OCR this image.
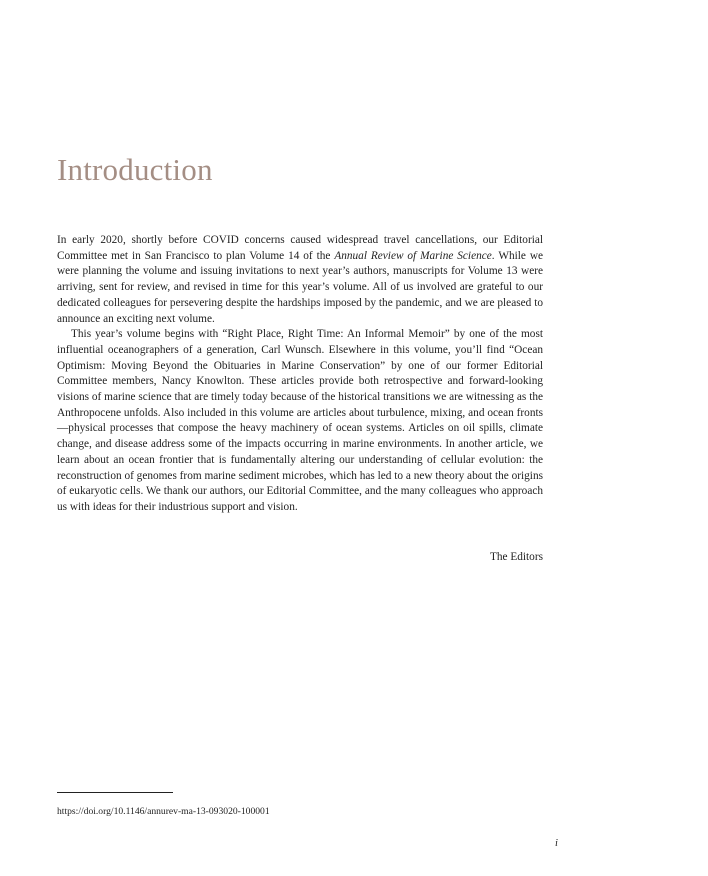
Introduction

In early 2020, shortly before COVID concerns caused widespread travel cancellations, our Editorial Committee met in San Francisco to plan Volume 14 of the Annual Review of Marine Science. While we were planning the volume and issuing invitations to next year’s authors, manuscripts for Volume 13 were arriving, sent for review, and revised in time for this year’s volume. All of us involved are grateful to our dedicated colleagues for persevering despite the hardships imposed by the pandemic, and we are pleased to announce an exciting next volume.

This year’s volume begins with “Right Place, Right Time: An Informal Memoir” by one of the most influential oceanographers of a generation, Carl Wunsch. Elsewhere in this volume, you’ll find “Ocean Optimism: Moving Beyond the Obituaries in Marine Conservation” by one of our former Editorial Committee members, Nancy Knowlton. These articles provide both retrospective and forward-looking visions of marine science that are timely today because of the historical transitions we are witnessing as the Anthropocene unfolds. Also included in this volume are articles about turbulence, mixing, and ocean fronts—physical processes that compose the heavy machinery of ocean systems. Articles on oil spills, climate change, and disease address some of the impacts occurring in marine environments. In another article, we learn about an ocean frontier that is fundamentally altering our understanding of cellular evolution: the reconstruction of genomes from marine sediment microbes, which has led to a new theory about the origins of eukaryotic cells. We thank our authors, our Editorial Committee, and the many colleagues who approach us with ideas for their industrious support and vision.

The Editors
https://doi.org/10.1146/annurev-ma-13-093020-100001
i
